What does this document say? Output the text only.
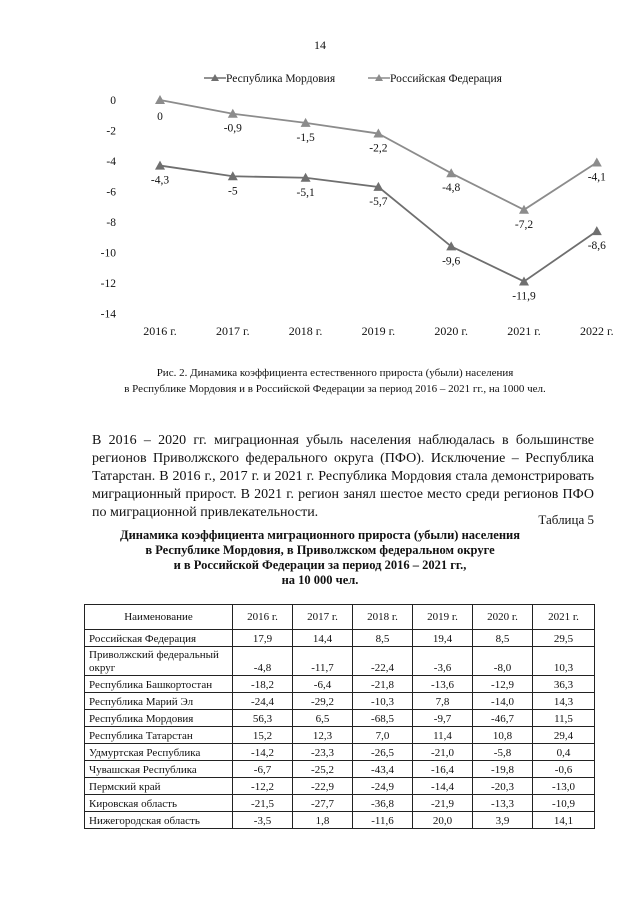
14
Республика Мордовия	Российская Федерация
0
-2
-4
-6
-8
-10
-12
-14
2016 г.	2017 г.	2018 г.	2019 г.	2020 г.	2021 г.	2022 г.
-4,3
-5	-5,1
-5,7
-9,6
-11,9
-8,6
0
-0,9
-1,5
-2,2
-4,8
-7,2
-4,1
Рис. 2. Динамика коэффициента естественного прироста (убыли) населения
в Республике Мордовия и в Российской Федерации за период 2016 – 2021 гг., на 1000 чел.

В 2016 – 2020 гг. миграционная убыль населения наблюдалась в большинстве регионов Приволжского федерального округа (ПФО). Исключение – Республика Татарстан. В 2016 г., 2017 г. и 2021 г. Республика Мордовия стала демонстрировать миграционный прирост. В 2021 г. регион занял шестое место среди регионов ПФО по миграционной привлекательности.	Таблица 5
Динамика коэффициента миграционного прироста (убыли) населения
в Республике Мордовия, в Приволжском федеральном округе
и в Российской Федерации за период 2016 – 2021 гг.,
на 10 000 чел.
Наименование	2016 г.	2017 г.	2018 г.	2019 г.	2020 г.	2021 г.
Российская Федерация	17,9	14,4	8,5	19,4	8,5	29,5
Приволжский федеральный округ	-4,8	-11,7	-22,4	-3,6	-8,0	10,3
Республика Башкортостан	-18,2	-6,4	-21,8	-13,6	-12,9	36,3
Республика Марий Эл	-24,4	-29,2	-10,3	7,8	-14,0	14,3
Республика Мордовия	56,3	6,5	-68,5	-9,7	-46,7	11,5
Республика Татарстан	15,2	12,3	7,0	11,4	10,8	29,4
Удмуртская Республика	-14,2	-23,3	-26,5	-21,0	-5,8	0,4
Чувашская Республика	-6,7	-25,2	-43,4	-16,4	-19,8	-0,6
Пермский край	-12,2	-22,9	-24,9	-14,4	-20,3	-13,0
Кировская область	-21,5	-27,7	-36,8	-21,9	-13,3	-10,9
Нижегородская область	-3,5	1,8	-11,6	20,0	3,9	14,1
